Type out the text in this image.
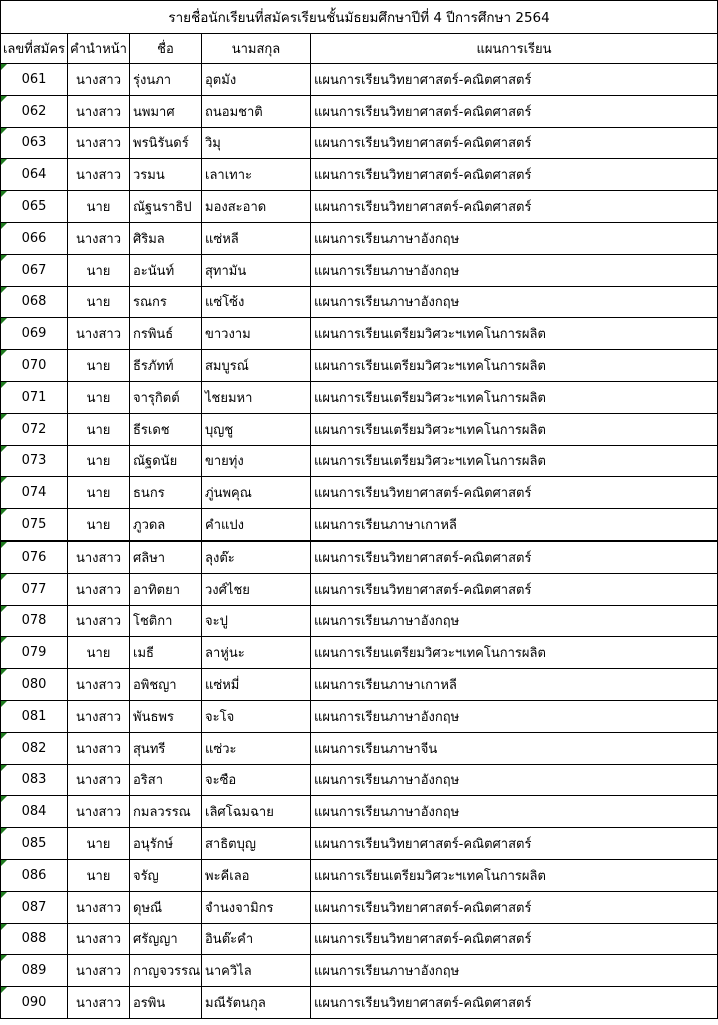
รายชื่อนักเรียนที่สมัครเรียนชั้นมัธยมศึกษาปีที่ 4 ปีการศึกษา 2564				
เลขที่สมัคร	คำนำหน้า	ชื่อ	นามสกุล	แผนการเรียน

061	นางสาว	รุ่งนภา	อุตมัง	แผนการเรียนวิทยาศาสตร์-คณิตศาสตร์

062	นางสาว	นพมาศ	ถนอมชาติ	แผนการเรียนวิทยาศาสตร์-คณิตศาสตร์

063	นางสาว	พรนิรันดร์	วิมุ	แผนการเรียนวิทยาศาสตร์-คณิตศาสตร์

064	นางสาว	วรมน	เลาเทาะ	แผนการเรียนวิทยาศาสตร์-คณิตศาสตร์

065	นาย	ณัฐนราธิป	มองสะอาด	แผนการเรียนวิทยาศาสตร์-คณิตศาสตร์

066	นางสาว	ศิริมล	แซ่หลี	แผนการเรียนภาษาอังกฤษ

067	นาย	อะนันท์	สุทามัน	แผนการเรียนภาษาอังกฤษ

068	นาย	รณกร	แซ่โซ้ง	แผนการเรียนภาษาอังกฤษ

069	นางสาว	กรพินธ์	ขาวงาม	แผนการเรียนเตรียมวิศวะฯเทคโนการผลิต

070	นาย	ธีรภัทท์	สมบูรณ์	แผนการเรียนเตรียมวิศวะฯเทคโนการผลิต

071	นาย	จารุกิตต์	ไชยมหา	แผนการเรียนเตรียมวิศวะฯเทคโนการผลิต

072	นาย	ธีรเดช	บุญชู	แผนการเรียนเตรียมวิศวะฯเทคโนการผลิต

073	นาย	ณัฐดนัย	ขายทุ่ง	แผนการเรียนเตรียมวิศวะฯเทคโนการผลิต

074	นาย	ธนกร	ภู่นพคุณ	แผนการเรียนวิทยาศาสตร์-คณิตศาสตร์

075	นาย	ภูวดล	คำแปง	แผนการเรียนภาษาเกาหลี

076	นางสาว	ศลิษา	ลุงต๊ะ	แผนการเรียนวิทยาศาสตร์-คณิตศาสตร์

077	นางสาว	อาทิตยา	วงศ์ไชย	แผนการเรียนวิทยาศาสตร์-คณิตศาสตร์

078	นางสาว	โชติกา	จะปู	แผนการเรียนภาษาอังกฤษ

079	นาย	เมธี	ลาหู่นะ	แผนการเรียนเตรียมวิศวะฯเทคโนการผลิต

080	นางสาว	อพิชญา	แซ่หมี่	แผนการเรียนภาษาเกาหลี

081	นางสาว	พันธพร	จะโจ	แผนการเรียนภาษาอังกฤษ

082	นางสาว	สุนทรี	แซ่วะ	แผนการเรียนภาษาจีน

083	นางสาว	อริสา	จะซือ	แผนการเรียนภาษาอังกฤษ

084	นางสาว	กมลวรรณ	เลิศโฉมฉาย	แผนการเรียนภาษาอังกฤษ

085	นาย	อนุรักษ์	สาธิตบุญ	แผนการเรียนวิทยาศาสตร์-คณิตศาสตร์

086	นาย	จรัญ	พะคีเลอ	แผนการเรียนเตรียมวิศวะฯเทคโนการผลิต

087	นางสาว	ดุษณี	จำนงจามิกร	แผนการเรียนวิทยาศาสตร์-คณิตศาสตร์

088	นางสาว	ศรัญญา	อินต๊ะคำ	แผนการเรียนวิทยาศาสตร์-คณิตศาสตร์

089	นางสาว	กาญจวรรณ	นาควิไล	แผนการเรียนภาษาอังกฤษ

090	นางสาว	อรพิน	มณีรัตนกุล	แผนการเรียนวิทยาศาสตร์-คณิตศาสตร์
